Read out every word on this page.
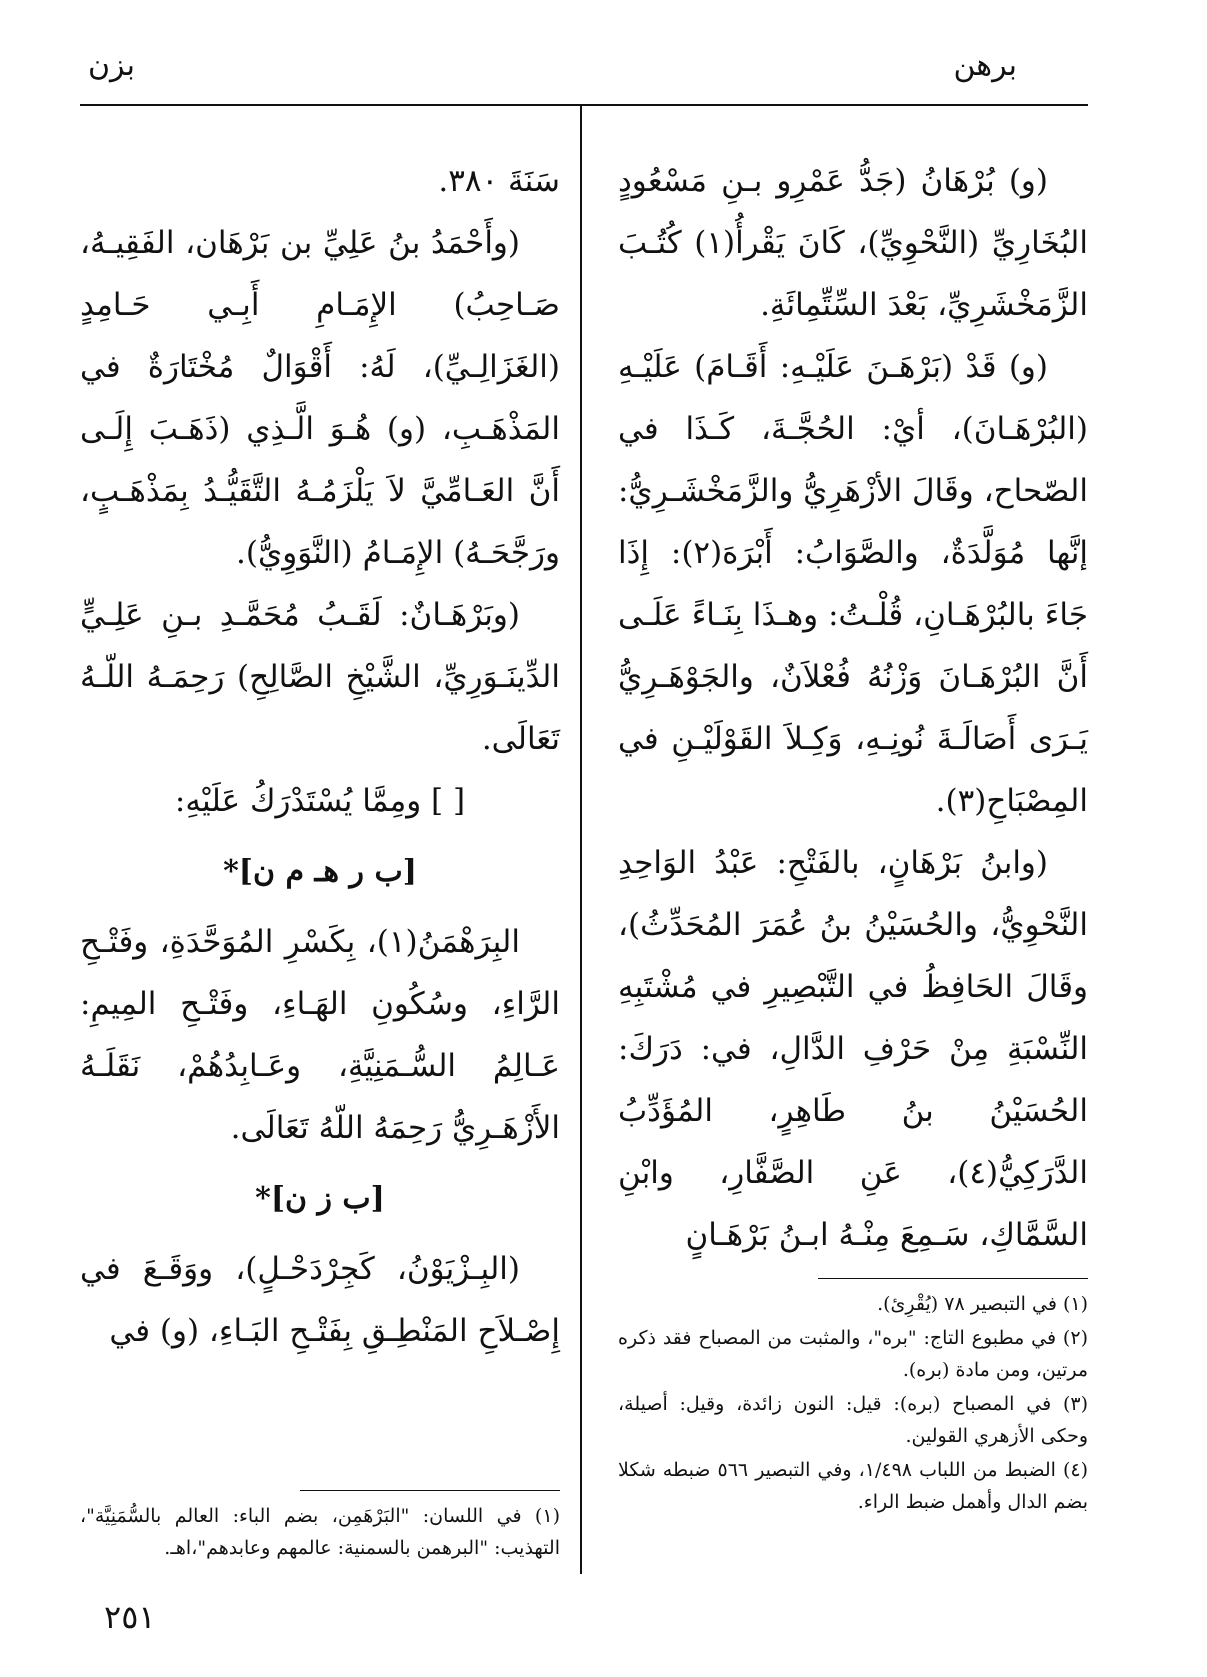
برهن
بزن

(و) بُرْهَانُ (جَدُّ عَمْرِو بـنِ مَسْعُودٍ البُخَارِيِّ (النَّحْوِيِّ)، كَانَ يَقْرأُ(١) كُتُـبَ الزَّمَخْشَرِيِّ، بَعْدَ السِّتِّمِائَةِ.

(و) قَدْ (بَرْهَـنَ عَلَيْـهِ: أَقَـامَ) عَلَيْـهِ (البُرْهَـانَ)، أيْ: الحُجَّـةَ، كَـذَا في الصّحاح، وقَالَ الأزْهَرِيُّ والزَّمَخْشَـرِيُّ: إنَّها مُوَلَّدَةٌ، والصَّوَابُ: أَبْرَهَ(٢): إِذَا جَاءَ بالبُرْهَـانِ، قُلْـتُ: وهـذَا بِنَـاءً عَلَـى أَنَّ البُرْهَـانَ وَزْنُهُ فُعْلاَنٌ، والجَوْهَـرِيُّ يَـرَى أَصَالَـةَ نُونِـهِ، وَكِـلاَ القَوْلَيْـنِ في المِصْبَاحِ(٣).

(وابنُ بَرْهَانٍ، بالفَتْحِ: عَبْدُ الوَاحِدِ النَّحْوِيُّ، والحُسَيْنُ بنُ عُمَرَ المُحَدِّثُ)، وقَالَ الحَافِظُ في التَّبْصِيرِ في مُشْتَبِهِ النِّسْبَةِ مِنْ حَرْفِ الدَّالِ، في: دَرَكَ: الحُسَيْنُ بنُ طَاهِرٍ، المُؤَدِّبُ الدَّرَكِيُّ(٤)، عَنِ الصَّفَّارِ، وابْنِ السَّمَّاكِ، سَـمِعَ مِنْـهُ ابـنُ بَرْهَـانٍ

سَنَةَ ٣٨٠.

(وأَحْمَدُ بنُ عَلِيِّ بن بَرْهَان، الفَقِيـهُ، صَـاحِبُ) الإِمَـامِ أَبِـي حَـامِدٍ (الغَزَالِـيِّ)، لَهُ: أَقْوَالٌ مُخْتَارَةٌ في المَذْهَـبِ، (و) هُـوَ الَّـذِي (ذَهَـبَ إِلَـى أَنَّ العَـامِّيَّ لاَ يَلْزَمُـهُ التَّقَيُّـدُ بِمَذْهَـبٍ، ورَجَّحَـهُ) الإِمَـامُ (النَّوَوِيُّ).

(وبَرْهَـانٌ: لَقَـبُ مُحَمَّـدِ بـنِ عَلِـيٍّ الدِّينَـوَرِيِّ، الشَّيْخِ الصَّالِحِ) رَحِمَـهُ اللّـهُ تَعَالَى.

[ ] ومِمَّا يُسْتَدْرَكُ عَلَيْهِ:

[ب ر هـ م ن]*

البِرَهْمَنُ(١)، بِكَسْرِ المُوَحَّدَةِ، وفَتْـحِ الرَّاءِ، وسُكُونِ الهَـاءِ، وفَتْـحِ المِيمِ: عَـالِمُ السُّـمَنِيَّةِ، وعَـابِدُهُمْ، نَقَلَـهُ الأَزْهَـرِيُّ رَحِمَهُ اللّهُ تَعَالَى.

[ب ز ن]*

(البِـزْيَوْنُ، كَجِرْدَحْـلٍ)، ووَقَـعَ في إِصْـلاَحِ المَنْطِـقِ بِفَتْـحِ البَـاءِ، (و) في

(١) في التبصير ٧٨ (يُقْرِئ).

(٢) في مطبوع التاج: "بره"، والمثبت من المصباح فقد ذكره مرتين، ومن مادة (بره).

(٣) في المصباح (بره): قيل: النون زائدة، وقيل: أصيلة، وحكى الأزهري القولين.

(٤) الضبط من اللباب ١/٤٩٨، وفي التبصير ٥٦٦ ضبطه شكلا بضم الدال وأهمل ضبط الراء.

(١) في اللسان: "البَرْهَمِن، بضم الباء: العالم بالسُّمَنِيَّة"، التهذيب: "البرهمن بالسمنية: عالمهم وعابدهم"،اهـ.

٢٥١
